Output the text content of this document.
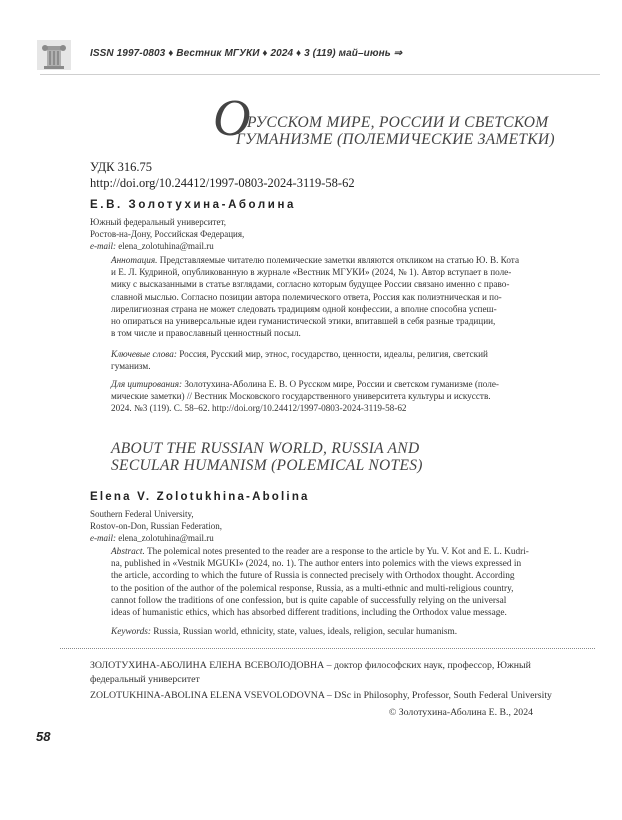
ISSN 1997-0803 ♦ Вестник МГУКИ ♦ 2024 ♦ 3 (119) май–июнь ⇒
О
РУССКОМ МИРЕ, РОССИИ И СВЕТСКОМ
ГУМАНИЗМЕ (ПОЛЕМИЧЕСКИЕ ЗАМЕТКИ)
УДК 316.75
http://doi.org/10.24412/1997-0803-2024-3119-58-62
Е.В. Золотухина-Аболина
Южный федеральный университет,
Ростов-на-Дону, Российская Федерация,
e-mail: elena_zolotuhina@mail.ru
Аннотация. Представляемые читателю полемические заметки являются откликом на статью Ю. В. Кота
и Е. Л. Кудриной, опубликованную в журнале «Вестник МГУКИ» (2024, № 1). Автор вступает в поле-
мику с высказанными в статье взглядами, согласно которым будущее России связано именно с право-
славной мыслью. Согласно позиции автора полемического ответа, Россия как полиэтническая и по-
лирелигиозная страна не может следовать традициям одной конфессии, а вполне способна успеш-
но опираться на универсальные идеи гуманистической этики, впитавшей в себя разные традиции,
в том числе и православный ценностный посыл.
Ключевые слова: Россия, Русский мир, этнос, государство, ценности, идеалы, религия, светский
гуманизм.
Для цитирования: Золотухина-Аболина Е. В. О Русском мире, России и светском гуманизме (поле-
мические заметки) // Вестник Московского государственного университета культуры и искусств.
2024. №3 (119). С. 58–62. http://doi.org/10.24412/1997-0803-2024-3119-58-62
ABOUT THE RUSSIAN WORLD, RUSSIA AND
SECULAR HUMANISM (POLEMICAL NOTES)
Elena V. Zolotukhina-Abolina
Southern Federal University,
Rostov-on-Don, Russian Federation,
e-mail: elena_zolotuhina@mail.ru
Abstract. The polemical notes presented to the reader are a response to the article by Yu. V. Kot and E. L. Kudri-
na, published in «Vestnik MGUKI» (2024, no. 1). The author enters into polemics with the views expressed in
the article, according to which the future of Russia is connected precisely with Orthodox thought. According
to the position of the author of the polemical response, Russia, as a multi-ethnic and multi-religious country,
cannot follow the traditions of one confession, but is quite capable of successfully relying on the universal
ideas of humanistic ethics, which has absorbed different traditions, including the Orthodox value message.
Keywords: Russia, Russian world, ethnicity, state, values, ideals, religion, secular humanism.
ЗОЛОТУХИНА-АБОЛИНА ЕЛЕНА ВСЕВОЛОДОВНА – доктор философских наук, профессор, Южный
федеральный университет
ZOLOTUKHINA-ABOLINA ELENA VSEVOLODOVNA – DSc in Philosophy, Professor, South Federal University
© Золотухина-Аболина Е. В., 2024
58
